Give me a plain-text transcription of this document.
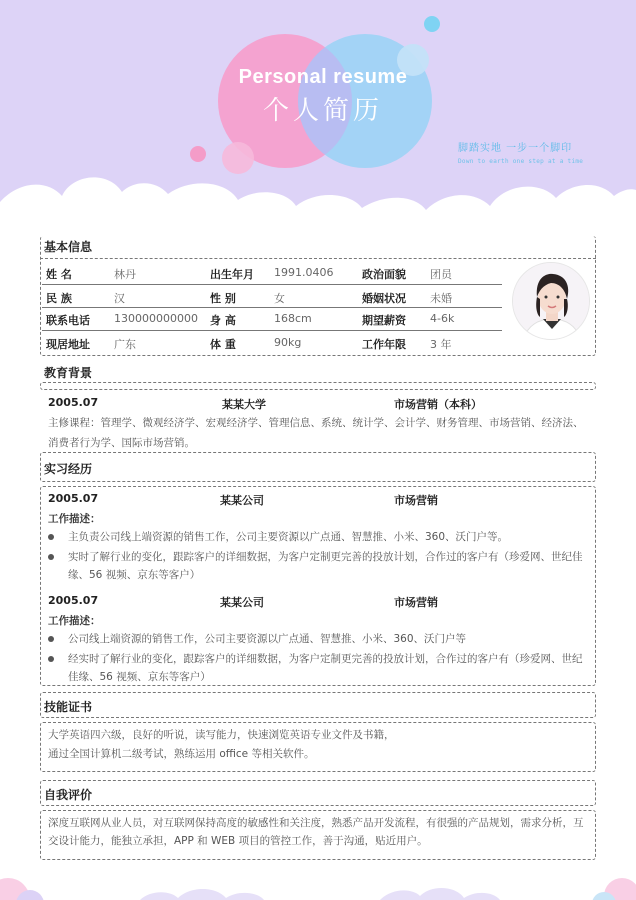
Personal resume
个人简历
脚踏实地 一步一个脚印
Down to earth one step at a time
基本信息
姓 名	林丹	出生年月 1991.0406	政治面貌 团员
民 族	汉	性 别	女	婚姻状况 未婚
联系电话 130000000000 身 高	168cm	期望薪资 4-6k
现居地址 广东	体 重	90kg	工作年限 3 年
教育背景
2005.07	某某大学	市场营销（本科）
主修课程：管理学、微观经济学、宏观经济学、管理信息、系统、统计学、会计学、财务管理、市场营销、经济法、
消费者行为学、国际市场营销。
实习经历
2005.07	某某公司	市场营销
工作描述：
主负责公司线上端资源的销售工作，公司主要资源以广点通、智慧推、小米、360、沃门户等。
实时了解行业的变化，跟踪客户的详细数据，为客户定制更完善的投放计划，合作过的客户有（珍爱网、世纪佳
缘、56 视频、京东等客户）
2005.07	某某公司	市场营销
工作描述：
公司线上端资源的销售工作，公司主要资源以广点通、智慧推、小米、360、沃门户等
经实时了解行业的变化，跟踪客户的详细数据，为客户定制更完善的投放计划，合作过的客户有（珍爱网、世纪
佳缘、56 视频、京东等客户）
技能证书
大学英语四六级，良好的听说，读写能力，快速浏览英语专业文件及书籍，
通过全国计算机二级考试，熟练运用 office 等相关软件。
自我评价
深度互联网从业人员，对互联网保持高度的敏感性和关注度，熟悉产品开发流程，有很强的产品规划，需求分析，互
交设计能力，能独立承担，APP 和 WEB 项目的管控工作，善于沟通，贴近用户。
